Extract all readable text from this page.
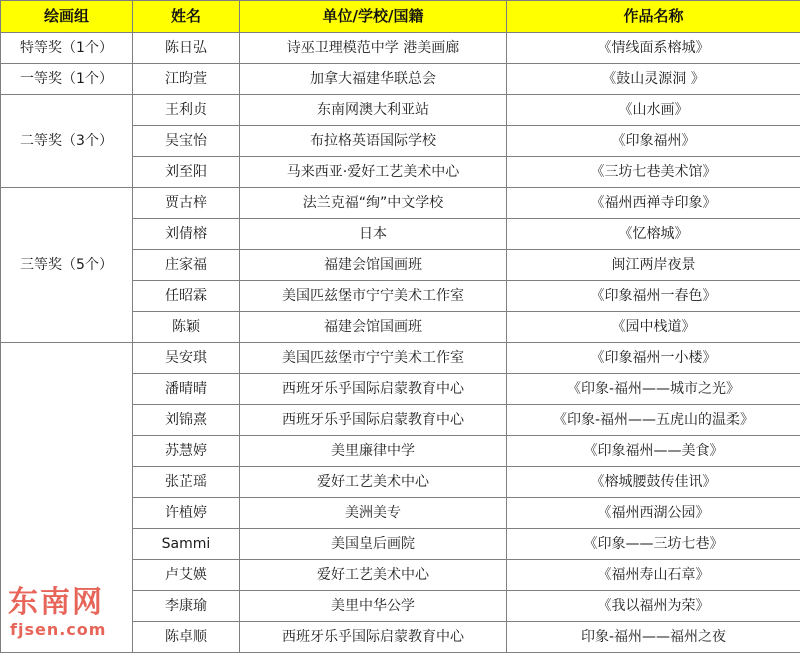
绘画组	姓名	单位/学校/国籍	作品名称
特等奖（1个）	陈日弘	诗巫卫理模范中学 港美画廊	《情线面系榕城》
一等奖（1个）	江昀萱	加拿大福建华联总会	《鼓山灵源洞 》
二等奖（3个）	王利贞	东南网澳大利亚站	《山水画》
	吴宝怡	布拉格英语国际学校	《印象福州》
	刘至阳	马来西亚·爱好工艺美术中心	《三坊七巷美术馆》
三等奖（5个）	贾古梓	法兰克福“绚”中文学校	《福州西禅寺印象》
	刘倩榕	日本	《忆榕城》
	庄家福	福建会馆国画班	闽江两岸夜景
	任昭霖	美国匹兹堡市宁宁美术工作室	《印象福州一春色》
	陈颖	福建会馆国画班	《园中栈道》
	吴安琪	美国匹兹堡市宁宁美术工作室	《印象福州一小楼》
	潘晴晴	西班牙乐乎国际启蒙教育中心	《印象-福州——城市之光》
	刘锦熹	西班牙乐乎国际启蒙教育中心	《印象-福州——五虎山的温柔》
	苏慧婷	美里廉律中学	《印象福州——美食》
	张芷瑶	爱好工艺美术中心	《榕城腰鼓传佳讯》
	许植婷	美洲美专	《福州西湖公园》
	Sammi	美国皇后画院	《印象——三坊七巷》
	卢艾媖	爱好工艺美术中心	《福州寿山石章》
	李康瑜	美里中华公学	《我以福州为荣》
	陈卓顺	西班牙乐乎国际启蒙教育中心	印象-福州——福州之夜
东南网
fjsen.com
